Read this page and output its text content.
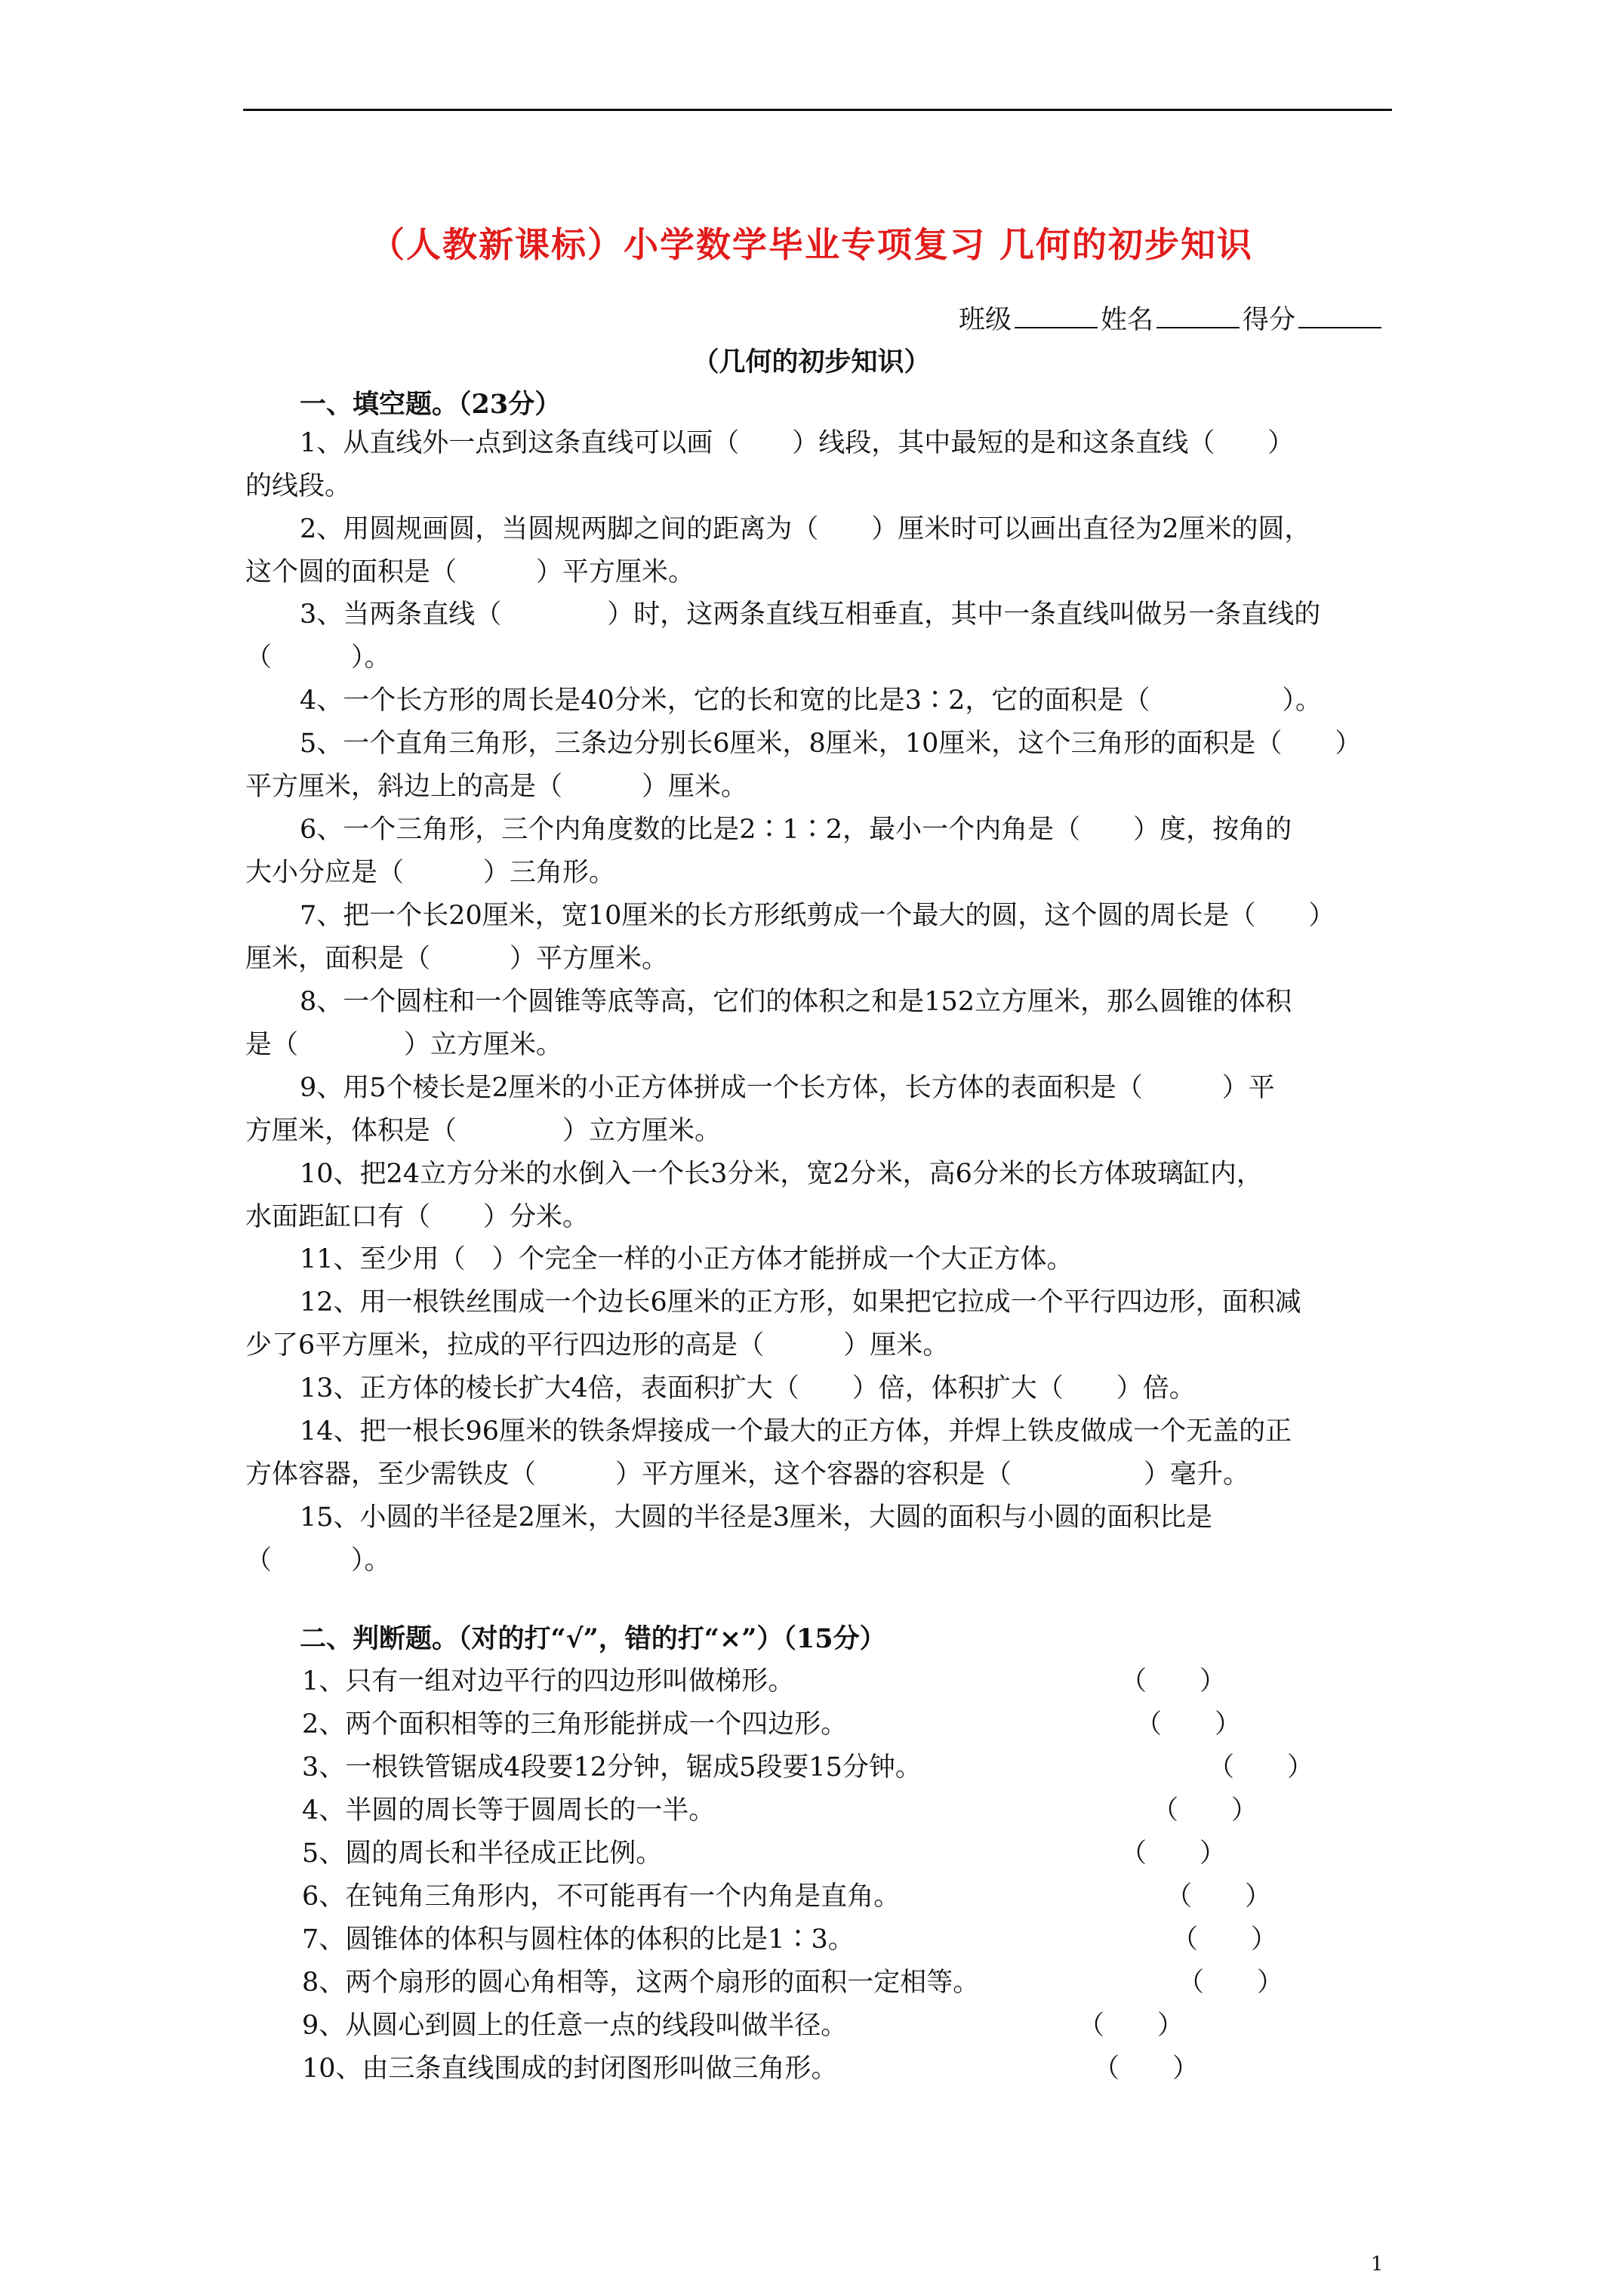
（人教新课标）小学数学毕业专项复习 几何的初步知识
班级	姓名	得分
（几何的初步知识）
一、填空题。（23分）

1、从直线外一点到这条直线可以画（　　）线段，其中最短的是和这条直线（　　）

的线段。

2、用圆规画圆，当圆规两脚之间的距离为（　　）厘米时可以画出直径为2厘米的圆，

这个圆的面积是（　　　）平方厘米。

3、当两条直线（　　　　）时，这两条直线互相垂直，其中一条直线叫做另一条直线的

（　　　）。

4、一个长方形的周长是40分米，它的长和宽的比是3∶2，它的面积是（　　　　　）。

5、一个直角三角形，三条边分别长6厘米，8厘米，10厘米，这个三角形的面积是（　　）

平方厘米，斜边上的高是（　　　）厘米。

6、一个三角形，三个内角度数的比是2∶1∶2，最小一个内角是（　　）度，按角的

大小分应是（　　　）三角形。

7、把一个长20厘米，宽10厘米的长方形纸剪成一个最大的圆，这个圆的周长是（　　）

厘米，面积是（　　　）平方厘米。

8、一个圆柱和一个圆锥等底等高，它们的体积之和是152立方厘米，那么圆锥的体积

是（　　　　）立方厘米。

9、用5个棱长是2厘米的小正方体拼成一个长方体，长方体的表面积是（　　　）平

方厘米，体积是（　　　　）立方厘米。

10、把24立方分米的水倒入一个长3分米，宽2分米，高6分米的长方体玻璃缸内，

水面距缸口有（　　）分米。

11、至少用（　）个完全一样的小正方体才能拼成一个大正方体。

12、用一根铁丝围成一个边长6厘米的正方形，如果把它拉成一个平行四边形，面积减

少了6平方厘米，拉成的平行四边形的高是（　　　）厘米。

13、正方体的棱长扩大4倍，表面积扩大（　　）倍，体积扩大（　　）倍。

14、把一根长96厘米的铁条焊接成一个最大的正方体，并焊上铁皮做成一个无盖的正

方体容器，至少需铁皮（　　　）平方厘米，这个容器的容积是（　　　　　）毫升。

15、小圆的半径是2厘米，大圆的半径是3厘米，大圆的面积与小圆的面积比是

（　　　）。

二、判断题。（对的打“√”，错的打“×”）（15分）
1、只有一组对边平行的四边形叫做梯形。	（　　）
2、两个面积相等的三角形能拼成一个四边形。	（　　）
3、一根铁管锯成4段要12分钟，锯成5段要15分钟。	（　　）
4、半圆的周长等于圆周长的一半。	（　　）
5、圆的周长和半径成正比例。	（　　）
6、在钝角三角形内，不可能再有一个内角是直角。	（　　）
7、圆锥体的体积与圆柱体的体积的比是1∶3。	（　　）
8、两个扇形的圆心角相等，这两个扇形的面积一定相等。	（　　）
9、从圆心到圆上的任意一点的线段叫做半径。	（　　）
10、由三条直线围成的封闭图形叫做三角形。	（　　）
1
